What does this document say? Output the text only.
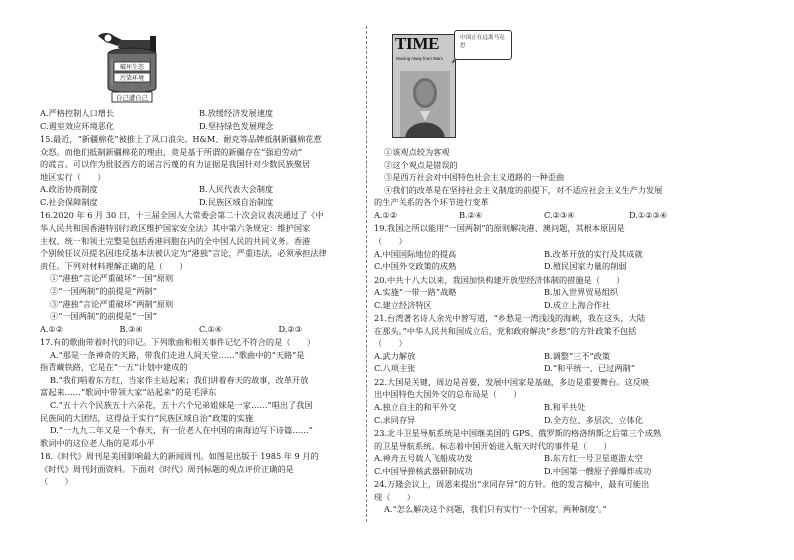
破坏生态
污染环境
自己遭自己
A.严格控制人口增长	B.放缓经济发展速度
C.遏室效应环境恶化	D.坚持绿色发展理念

15.最近，“新疆棉花”被推上了风口浪尖。H&M、耐克等品牌抵制新疆棉花惹

众怒。而他们抵制新疆棉花的理由，竟是基于所谓的新疆存在“强迫劳动”

的谎言。可以作为批驳西方的谣言污蔑的有力证据是我国针对少数民族聚居

地区实行（　　）

A.政治协商制度	B.人民代表大会制度
C.社会保障制度	D.民族区域自治制度

16.2020 年 6 月 30 日，十三届全国人大常委会第二十次会议表决通过了《中

华人民共和国香港特别行政区维护国家安全法》其中第六条规定：维护国家

主权、统一和领土完整是包括香港同胞在内的全中国人民的共同义务。香港

个别候任议员提名因违反基本法被认定为“港独”言论，严重违法，必须承担法律

责任。下列对材料理解正确的是（　　）

①“港独”言论严重破坏“一国”原则

②“一国两制”的前提是“两制”

③“港独”言论严重破坏“两制”原则

④“一国两制”的前提是“一国”

A.①②	B.③④	C.①④	D.②③

17.有的歌曲带着时代的印记。下列歌曲和相关事件记忆不符合的是（　　）

A.“那是一条神奇的天路，带我们走进人间天堂……”歌曲中的“天路”是

指青藏铁路，它是在“一五”计划中建成的

B.“我们唱着东方红，当家作主站起来；我们讲着春天的故事，改革开放

富起来……”歌词中带领大家“站起来”的是毛泽东

C.“五十六个民族五十六朵花，五十六个兄弟姐妹是一家……”唱出了我国

民族间的大团结，这得益于实行“民族区域自治”政策的实施

D.“一九九二年又是一个春天，有一位老人在中国的南海边写下诗篇……”

歌词中的这位老人指的是邓小平

18.《时代》周刊是美国影响最大的新闻周刊。如图是出版于 1985 年 9 月的

《时代》周刊封面资料。下面对《时代》周刊标题的观点评价正确的是

（　　）

TIME
Moving Away from Marx
中国正在远离马克思

①该观点较为客观

②这个观点是错误的

③是西方社会对中国特色社会主义道路的一种歪曲

④我们的改革是在坚持社会主义制度的前提下，对不适应社会主义生产力发展

的生产关系的各个环节进行变革

A.①②	B.②④	C.②③④	D.①②③④

19.我国之所以能用“一国两制”的原则解决港、澳问题，其根本原因是

（　　）

A.中国国际地位的提高	B.改革开放的实行及其成就
C.中国外交政策的成熟	D.殖民国家力量的削弱

20.中共十八大以来，我国加快构建开放型经济体制的措施是（　　）

A.实施“一带一路”战略	B.加入世界贸易组织
C.建立经济特区	D.成立上海合作社

21.台湾著名诗人余光中曾写道，“乡愁是一湾浅浅的海峡，我在这头，大陆

在那头。”中华人民共和国成立后，党和政府解决“乡愁”的方针政策不包括

（　　）

A.武力解放	B.调整“三不”政策
C.八项主张	D.“和平统一、已过两制”

22.大国是关键，周边是首要，发展中国家是基础，多边是重要舞台。这反映

出中国特色大国外交的总布局是（　　）

A.独立自主的和平外交	B.和平共处
C.求同存异	D.全方位、多层次、立体化

23.北斗卫星导航系统是中国继美国的 GPS、俄罗斯的格洛纳斯之后第三个成熟

的卫星导航系统。标志着中国开始进入航天时代的事件是（　　）

A.神舟五号载人飞船成功发	B.东方红一号卫星遨游太空
C.中国导弹核武器研制成功	D.中国第一艘原子弹爆炸成功

24.万隆会议上，周恩来提出“求同存异”的方针。他的发言稿中，最有可能出

现（　　）

A.“怎么解决这个问题，我们只有实行‘一个国家，两种制度’。”
